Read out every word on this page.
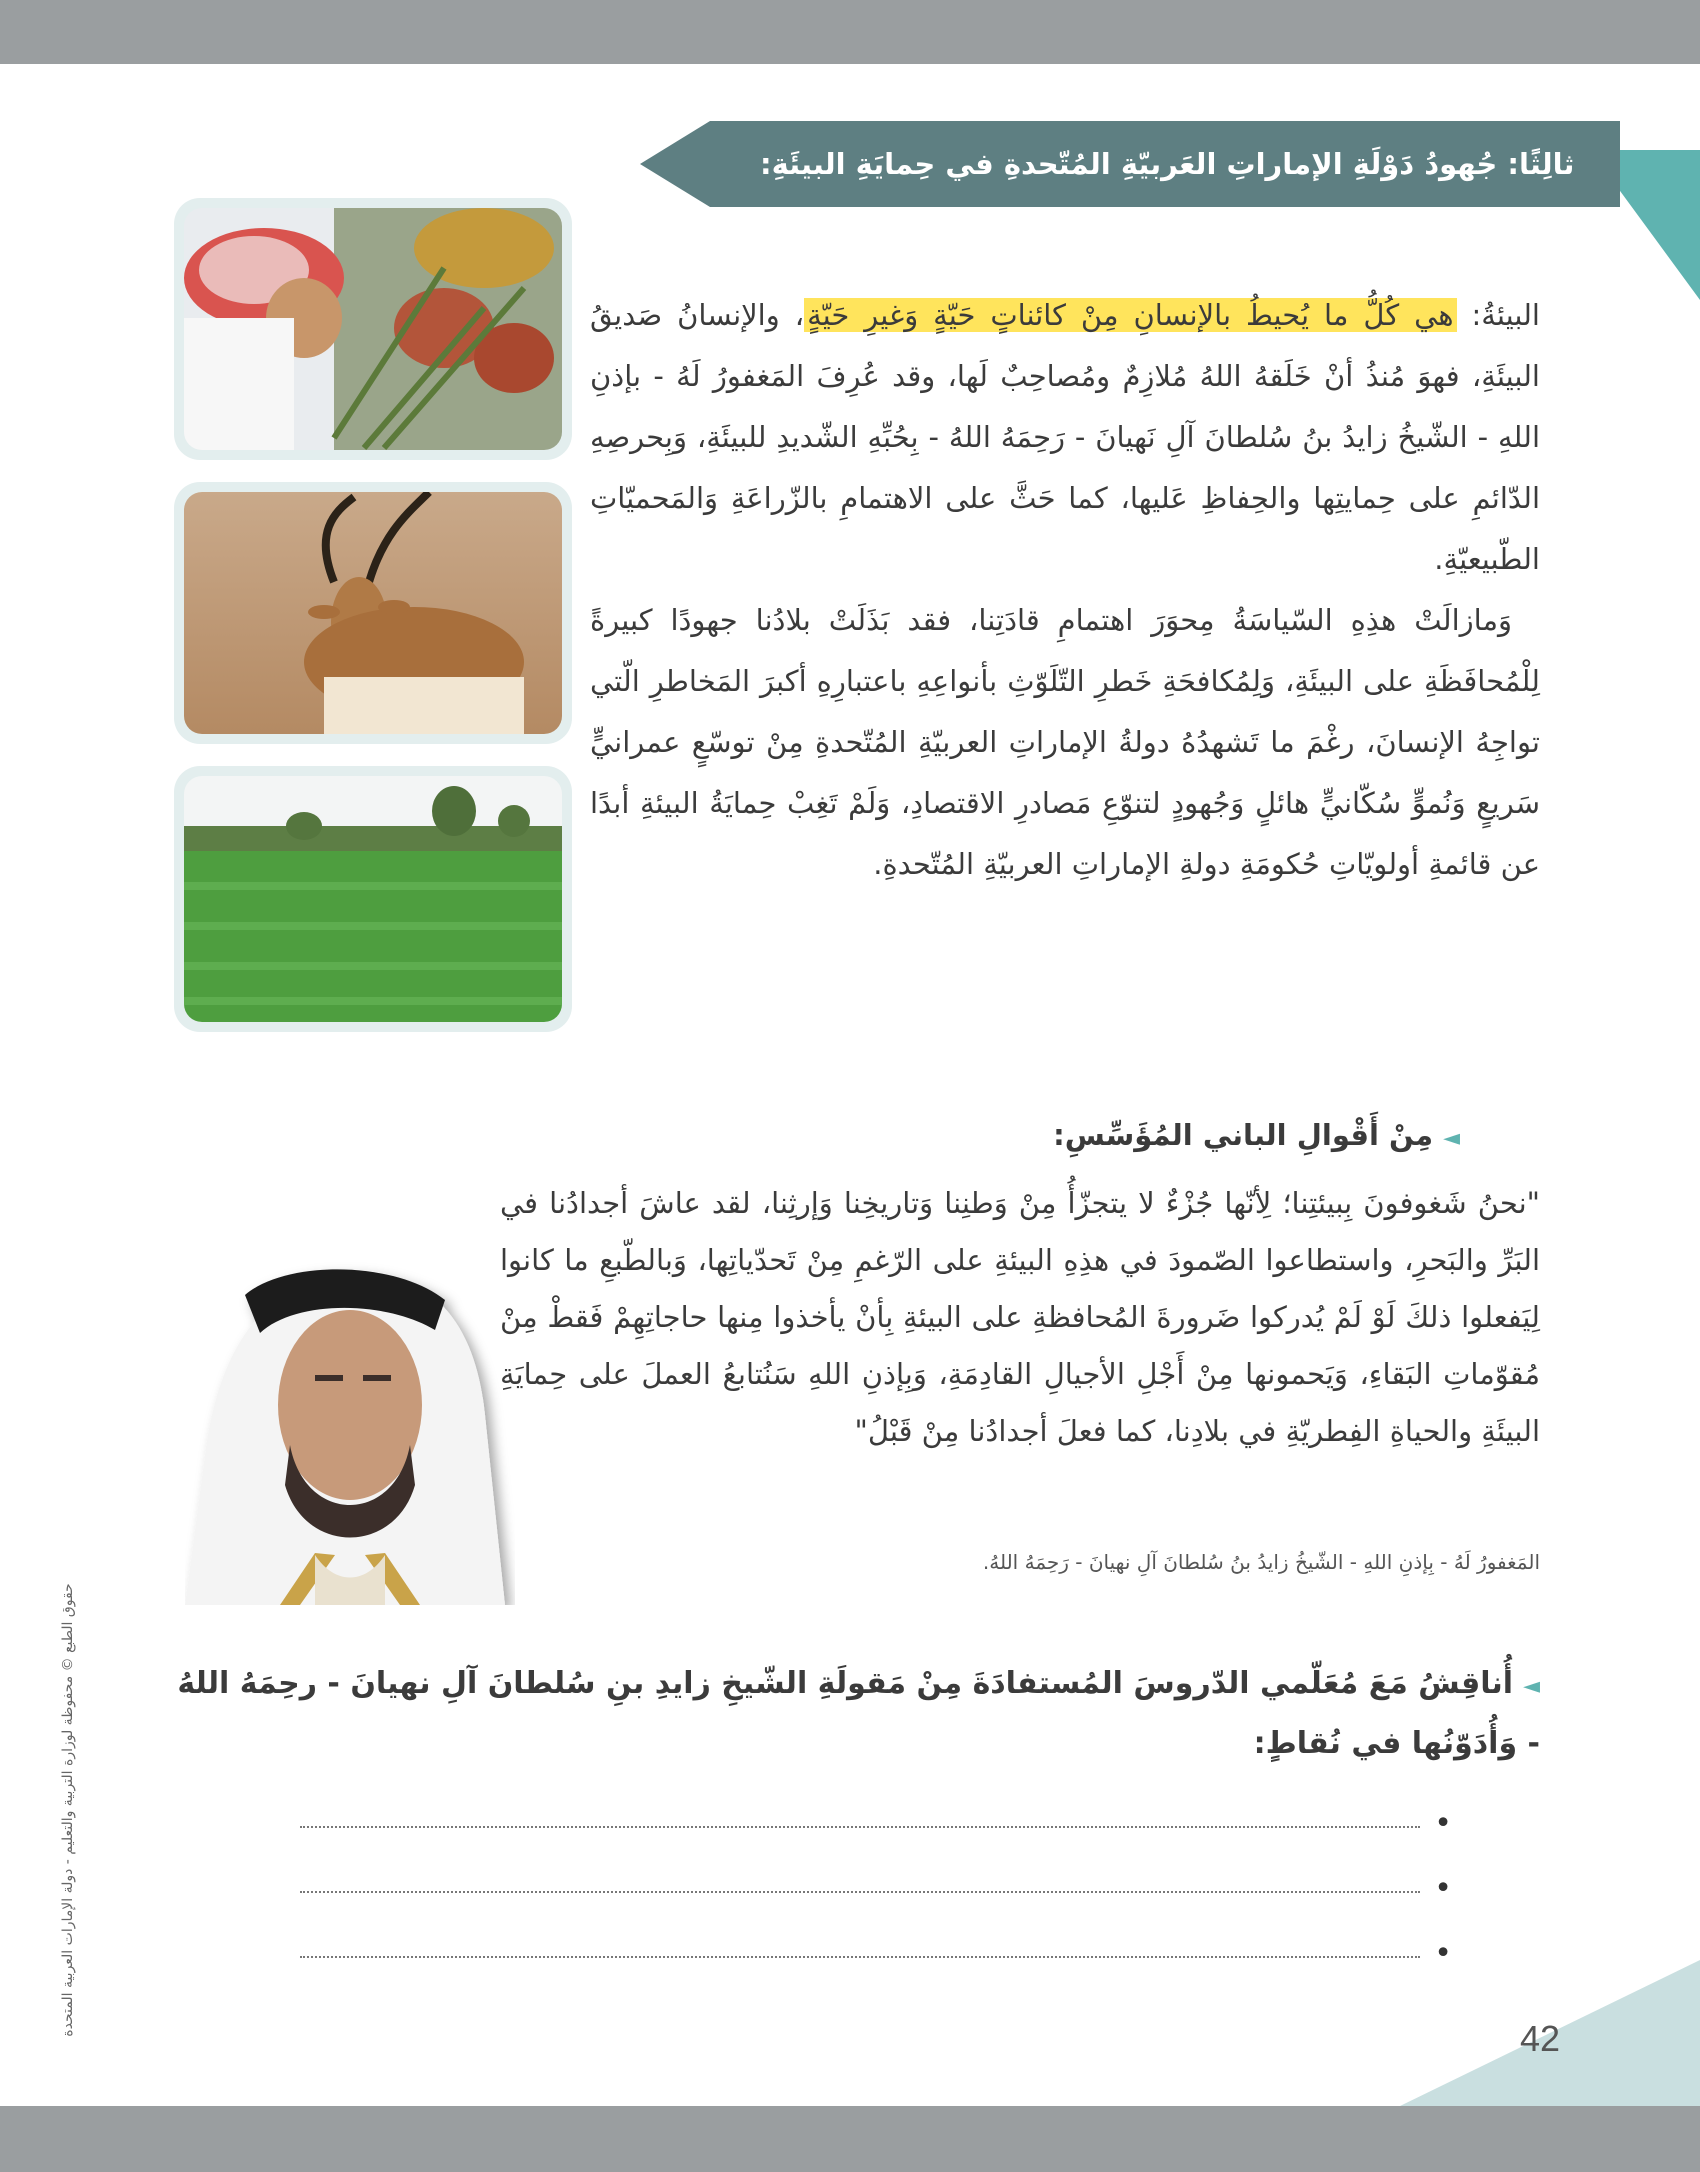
ثالِثًا: جُهودُ دَوْلَةِ الإماراتِ العَربيّةِ المُتّحدةِ في حِمايَةِ البيئَةِ:

البيئةُ: هي كُلُّ ما يُحيطُ بالإنسانِ مِنْ كائناتٍ حَيّةٍ وَغيرِ حَيّةٍ، والإنسانُ صَديقُ البيئَةِ، فهوَ مُنذُ أنْ خَلَقهُ اللهُ مُلازِمٌ ومُصاحِبٌ لَها، وقد عُرِفَ المَغفورُ لَهُ - بإذنِ اللهِ - الشّيخُ زايدُ بنُ سُلطانَ آلِ نَهيانَ - رَحِمَهُ اللهُ - بِحُبِّهِ الشّديدِ للبيئَةِ، وَبِحرصِهِ الدّائمِ على حِمايتِها والحِفاظِ عَليها، كما حَثَّ على الاهتمامِ بالزّراعَةِ وَالمَحميّاتِ الطّبيعيّةِ.

وَمازالَتْ هذِهِ السّياسَةُ مِحوَرَ اهتمامِ قادَتِنا، فقد بَذَلَتْ بلادُنا جهودًا كبيرةً لِلْمُحافَظَةِ على البيئَةِ، وَلِمُكافحَةِ خَطرِ التّلَوّثِ بأنواعِهِ باعتبارِهِ أكبرَ المَخاطرِ الّتي تواجِهُ الإنسانَ، رغْمَ ما تَشهدُهُ دولةُ الإماراتِ العربيّةِ المُتّحدةِ مِنْ توسّعٍ عمرانيٍّ سَريعٍ وَنُموٍّ سُكّانيٍّ هائلٍ وَجُهودٍ لتنوّعِ مَصادرِ الاقتصادِ، وَلَمْ تَغِبْ حِمايَةُ البيئةِ أبدًا عن قائمةِ أولويّاتِ حُكومَةِ دولةِ الإماراتِ العربيّةِ المُتّحدةِ.

◄مِنْ أَقْوالِ الباني المُؤَسِّسِ:

"نحنُ شَغوفونَ بِبيئتِنا؛ لِأنّها جُزْءٌ لا يتجزّأُ مِنْ وَطنِنا وَتاريخِنا وَإرثِنا، لقد عاشَ أجدادُنا في البَرِّ والبَحرِ، واستطاعوا الصّمودَ في هذِهِ البيئةِ على الرّغمِ مِنْ تَحدّياتِها، وَبالطّبعِ ما كانوا لِيَفعلوا ذلكَ لَوْ لَمْ يُدركوا ضَرورةَ المُحافظةِ على البيئةِ بِأنْ يأخذوا مِنها حاجاتِهِمْ فَقطْ مِنْ مُقوّماتِ البَقاءِ، وَيَحمونها مِنْ أَجْلِ الأجيالِ القادِمَةِ، وَبِإذنِ اللهِ سَنُتابعُ العملَ على حِمايَةِ البيئَةِ والحياةِ الفِطريّةِ في بلادِنا، كما فعلَ أجدادُنا مِنْ قَبْلُ"

المَغفورُ لَهُ - بِإذنِ اللهِ - الشّيخُ زايدُ بنُ سُلطانَ آلِ نهيانَ - رَحِمَهُ اللهُ.
◄أُناقِشُ مَعَ مُعَلّمي الدّروسَ المُستفادَةَ مِنْ مَقولَةِ الشّيخِ زايدِ بنِ سُلطانَ آلِ نهيانَ - رحِمَهُ اللهُ - وَأُدَوّنُها في نُقاطٍ:
•
•
•
حقوق الطبع © محفوظة لوزارة التربية والتعليم - دولة الإمارات العربية المتحدة
42
